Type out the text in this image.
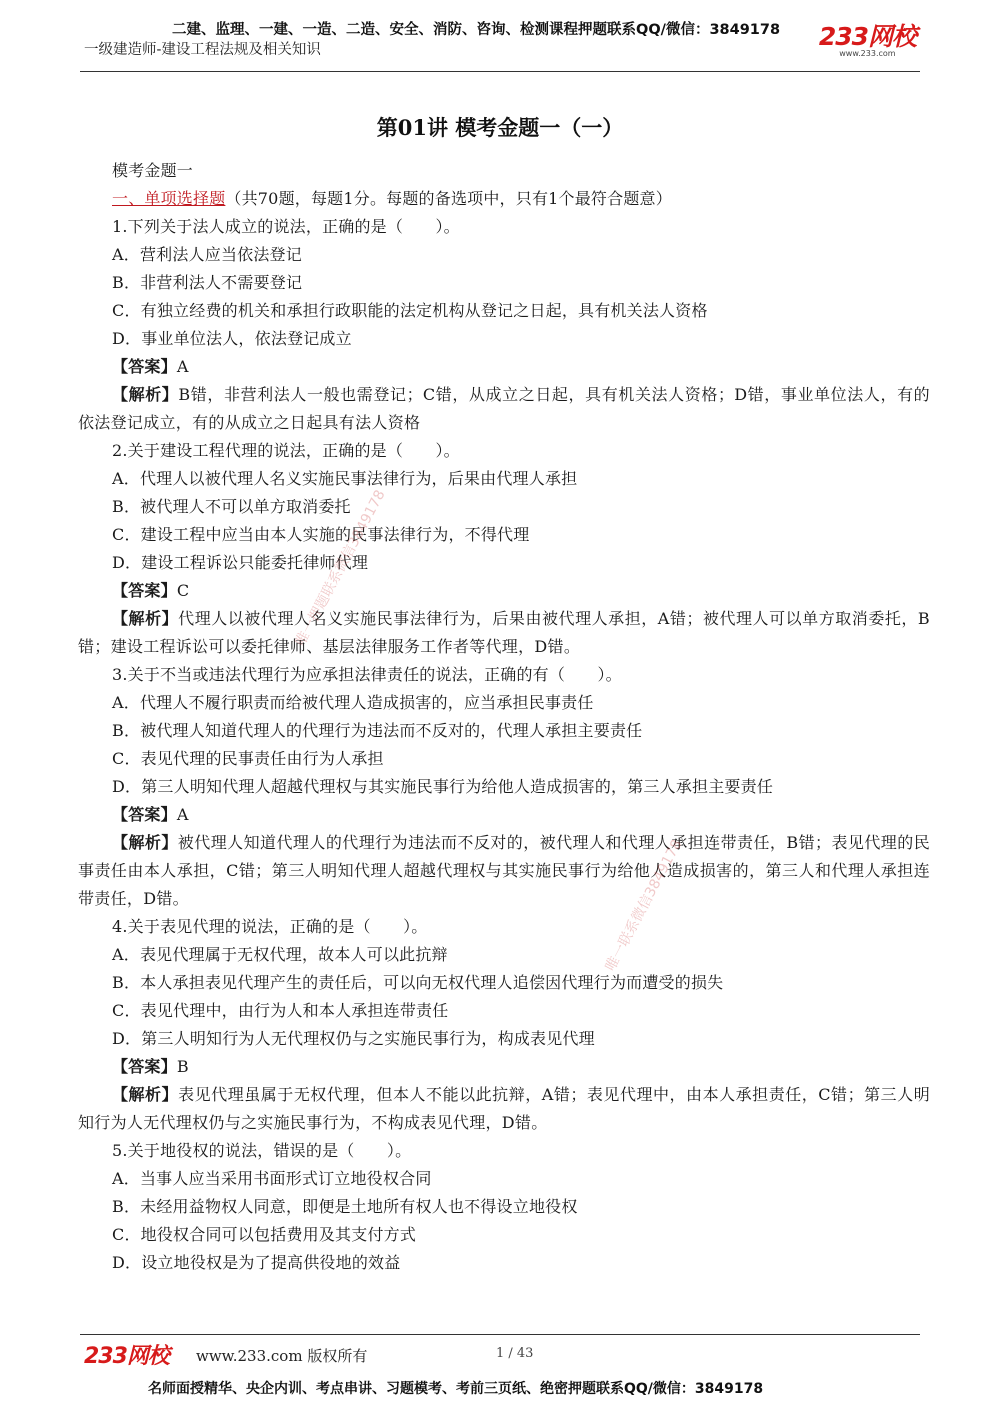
二建、监理、一建、一造、二造、安全、消防、咨询、检测课程押题联系QQ/微信：3849178
一级建造师-建设工程法规及相关知识	233网校
www.233.com
第01讲 模考金题一（一）
模考金题一
一、单项选择题（共70题，每题1分。每题的备选项中，只有1个最符合题意）
1.下列关于法人成立的说法，正确的是（　　）。
A．营利法人应当依法登记
B．非营利法人不需要登记
C．有独立经费的机关和承担行政职能的法定机构从登记之日起，具有机关法人资格
D．事业单位法人，依法登记成立
【答案】A
【解析】B错，非营利法人一般也需登记；C错，从成立之日起，具有机关法人资格；D错，事业单位法人，有的依法登记成立，有的从成立之日起具有法人资格
2.关于建设工程代理的说法，正确的是（　　）。
A．代理人以被代理人名义实施民事法律行为，后果由代理人承担
B．被代理人不可以单方取消委托
C．建设工程中应当由本人实施的民事法律行为，不得代理
D．建设工程诉讼只能委托律师代理
【答案】C
【解析】代理人以被代理人名义实施民事法律行为，后果由被代理人承担，A错；被代理人可以单方取消委托，B错；建设工程诉讼可以委托律师、基层法律服务工作者等代理，D错。
3.关于不当或违法代理行为应承担法律责任的说法，正确的有（　　）。
A．代理人不履行职责而给被代理人造成损害的，应当承担民事责任
B．被代理人知道代理人的代理行为违法而不反对的，代理人承担主要责任
C．表见代理的民事责任由行为人承担
D．第三人明知代理人超越代理权与其实施民事行为给他人造成损害的，第三人承担主要责任
【答案】A
【解析】被代理人知道代理人的代理行为违法而不反对的，被代理人和代理人承担连带责任，B错；表见代理的民事责任由本人承担，C错；第三人明知代理人超越代理权与其实施民事行为给他人造成损害的，第三人和代理人承担连带责任，D错。
4.关于表见代理的说法，正确的是（　　）。
A．表见代理属于无权代理，故本人可以此抗辩
B．本人承担表见代理产生的责任后，可以向无权代理人追偿因代理行为而遭受的损失
C．表见代理中，由行为人和本人承担连带责任
D．第三人明知行为人无代理权仍与之实施民事行为，构成表见代理
【答案】B
【解析】表见代理虽属于无权代理，但本人不能以此抗辩，A错；表见代理中，由本人承担责任，C错；第三人明知行为人无代理权仍与之实施民事行为，不构成表见代理，D错。
5.关于地役权的说法，错误的是（　　）。
A．当事人应当采用书面形式订立地役权合同
B．未经用益物权人同意，即便是土地所有权人也不得设立地役权
C．地役权合同可以包括费用及其支付方式
D．设立地役权是为了提高供役地的效益
唯一押题联系微信3849178
唯一联系微信3849178
233网校 www.233.com 版权所有	1 / 43
名师面授精华、央企内训、考点串讲、习题模考、考前三页纸、绝密押题联系QQ/微信：3849178
